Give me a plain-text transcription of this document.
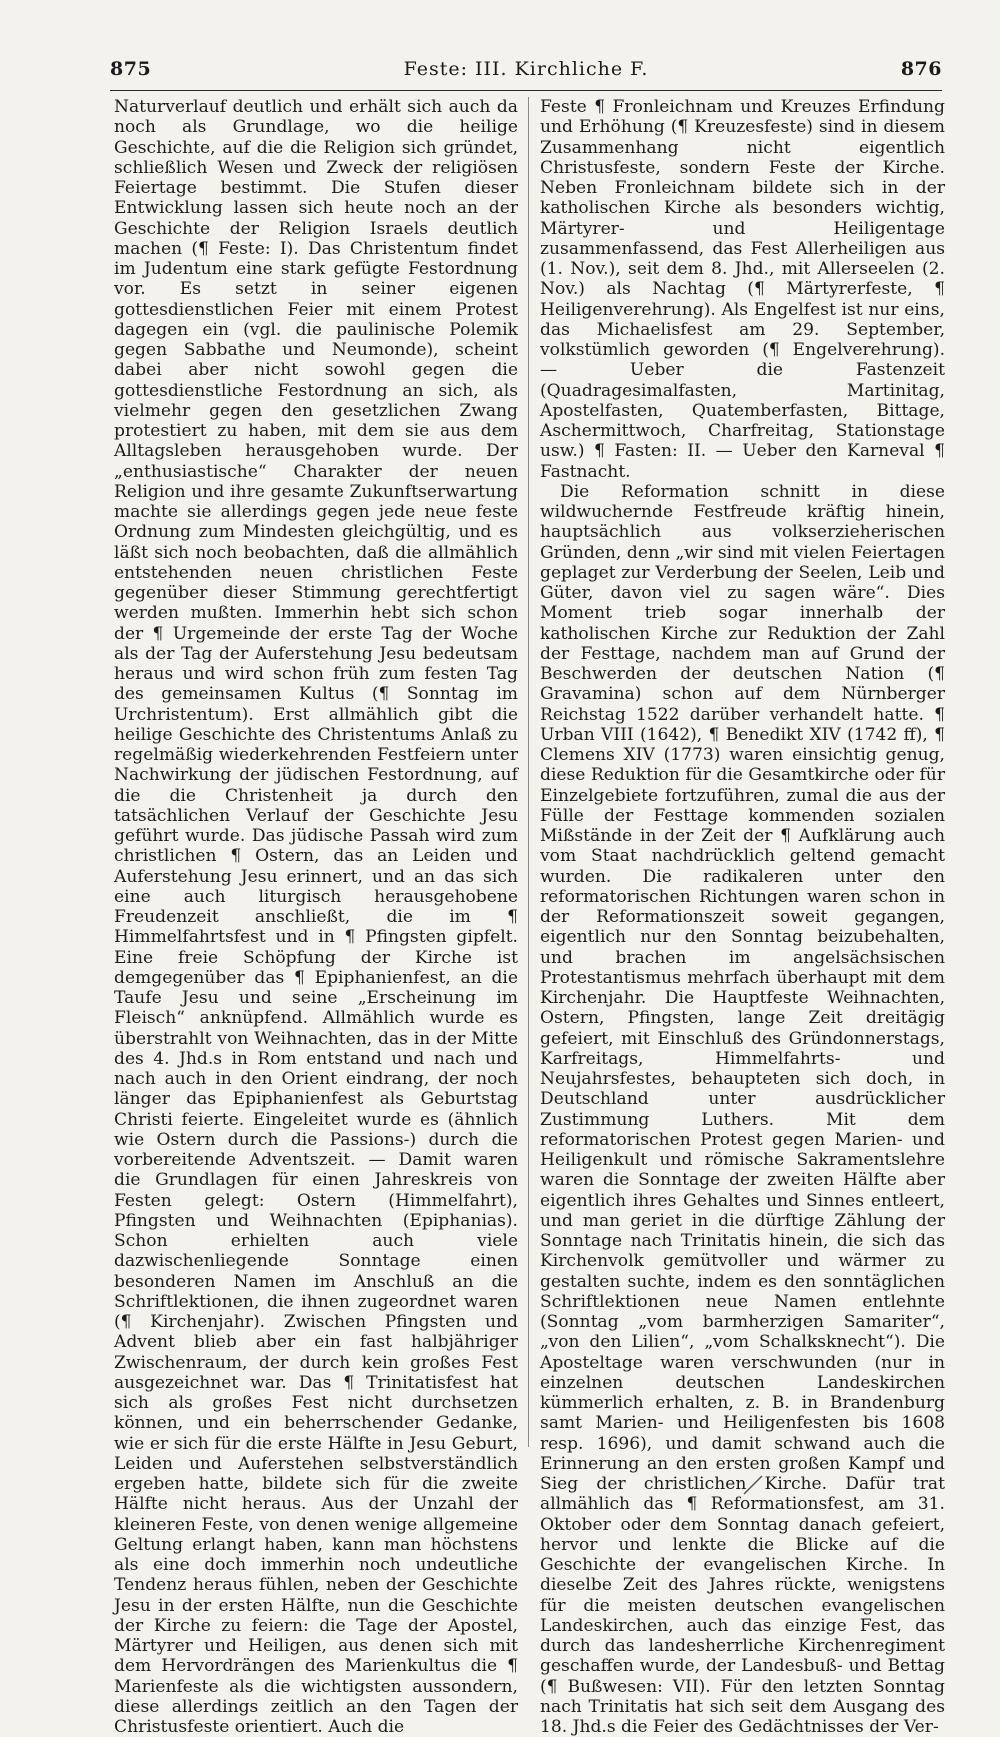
875	Feste: III. Kirchliche F.	876

Naturverlauf deutlich und erhält sich auch da noch als Grundlage, wo die heilige Geschichte, auf die die Religion sich gründet, schließlich Wesen und Zweck der religiösen Feiertage bestimmt. Die Stufen dieser Entwicklung lassen sich heute noch an der Geschichte der Religion Israels deutlich machen (¶ Feste: I). Das Christentum findet im Judentum eine stark gefügte Festordnung vor. Es setzt in seiner eigenen gottesdienstlichen Feier mit einem Protest dagegen ein (vgl. die paulinische Polemik gegen Sabbathe und Neumonde), scheint dabei aber nicht sowohl gegen die gottesdienstliche Festordnung an sich, als vielmehr gegen den gesetzlichen Zwang protestiert zu haben, mit dem sie aus dem Alltagsleben herausgehoben wurde. Der „enthusiastische“ Charakter der neuen Religion und ihre gesamte Zukunftserwartung machte sie allerdings gegen jede neue feste Ordnung zum Mindesten gleichgültig, und es läßt sich noch beobachten, daß die allmählich entstehenden neuen christlichen Feste gegenüber dieser Stimmung gerechtfertigt werden mußten. Immerhin hebt sich schon der ¶ Urgemeinde der erste Tag der Woche als der Tag der Auferstehung Jesu bedeutsam heraus und wird schon früh zum festen Tag des gemeinsamen Kultus (¶ Sonntag im Urchristentum). Erst allmählich gibt die heilige Geschichte des Christentums Anlaß zu regelmäßig wiederkehrenden Festfeiern unter Nachwirkung der jüdischen Festordnung, auf die die Christenheit ja durch den tatsächlichen Verlauf der Geschichte Jesu geführt wurde. Das jüdische Passah wird zum christlichen ¶ Ostern, das an Leiden und Auferstehung Jesu erinnert, und an das sich eine auch liturgisch herausgehobene Freudenzeit anschließt, die im ¶ Himmelfahrtsfest und in ¶ Pfingsten gipfelt. Eine freie Schöpfung der Kirche ist demgegenüber das ¶ Epiphanienfest, an die Taufe Jesu und seine „Erscheinung im Fleisch“ anknüpfend. Allmählich wurde es überstrahlt von Weihnachten, das in der Mitte des 4. Jhd.s in Rom entstand und nach und nach auch in den Orient eindrang, der noch länger das Epiphanienfest als Geburtstag Christi feierte. Eingeleitet wurde es (ähnlich wie Ostern durch die Passions-) durch die vorbereitende Adventszeit. — Damit waren die Grundlagen für einen Jahreskreis von Festen gelegt: Ostern (Himmelfahrt), Pfingsten und Weihnachten (Epiphanias). Schon erhielten auch viele dazwischenliegende Sonntage einen besonderen Namen im Anschluß an die Schriftlektionen, die ihnen zugeordnet waren (¶ Kirchenjahr). Zwischen Pfingsten und Advent blieb aber ein fast halbjähriger Zwischenraum, der durch kein großes Fest ausgezeichnet war. Das ¶ Trinitatisfest hat sich als großes Fest nicht durchsetzen können, und ein beherrschender Gedanke, wie er sich für die erste Hälfte in Jesu Geburt, Leiden und Auferstehen selbstverständlich ergeben hatte, bildete sich für die zweite Hälfte nicht heraus. Aus der Unzahl der kleineren Feste, von denen wenige allgemeine Geltung erlangt haben, kann man höchstens als eine doch immerhin noch undeutliche Tendenz heraus fühlen, neben der Geschichte Jesu in der ersten Hälfte, nun die Geschichte der Kirche zu feiern: die Tage der Apostel, Märtyrer und Heiligen, aus denen sich mit dem Hervordrängen des Marienkultus die ¶ Marienfeste als die wichtigsten aussondern, diese allerdings zeitlich an den Tagen der Christusfeste orientiert. Auch die

Feste ¶ Fronleichnam und Kreuzes Erfindung und Erhöhung (¶ Kreuzesfeste) sind in diesem Zusammenhang nicht eigentlich Christusfeste, sondern Feste der Kirche. Neben Fronleichnam bildete sich in der katholischen Kirche als besonders wichtig, Märtyrer- und Heiligentage zusammenfassend, das Fest Allerheiligen aus (1. Nov.), seit dem 8. Jhd., mit Allerseelen (2. Nov.) als Nachtag (¶ Märtyrerfeste, ¶ Heiligenverehrung). Als Engelfest ist nur eins, das Michaelisfest am 29. September, volkstümlich geworden (¶ Engelverehrung). — Ueber die Fastenzeit (Quadragesimalfasten, Martinitag, Apostelfasten, Quatemberfasten, Bittage, Aschermittwoch, Charfreitag, Stationstage usw.) ¶ Fasten: II. — Ueber den Karneval ¶ Fastnacht.

Die Reformation schnitt in diese wildwuchernde Festfreude kräftig hinein, hauptsächlich aus volkserzieherischen Gründen, denn „wir sind mit vielen Feiertagen geplaget zur Verderbung der Seelen, Leib und Güter, davon viel zu sagen wäre“. Dies Moment trieb sogar innerhalb der katholischen Kirche zur Reduktion der Zahl der Festtage, nachdem man auf Grund der Beschwerden der deutschen Nation (¶ Gravamina) schon auf dem Nürnberger Reichstag 1522 darüber verhandelt hatte. ¶ Urban VIII (1642), ¶ Benedikt XIV (1742 ff), ¶ Clemens XIV (1773) waren einsichtig genug, diese Reduktion für die Gesamtkirche oder für Einzelgebiete fortzuführen, zumal die aus der Fülle der Festtage kommenden sozialen Mißstände in der Zeit der ¶ Aufklärung auch vom Staat nachdrücklich geltend gemacht wurden. Die radikaleren unter den reformatorischen Richtungen waren schon in der Reformationszeit soweit gegangen, eigentlich nur den Sonntag beizubehalten, und brachen im angelsächsischen Protestantismus mehrfach überhaupt mit dem Kirchenjahr. Die Hauptfeste Weihnachten, Ostern, Pfingsten, lange Zeit dreitägig gefeiert, mit Einschluß des Gründonnerstags, Karfreitags, Himmelfahrts- und Neujahrsfestes, behaupteten sich doch, in Deutschland unter ausdrücklicher Zustimmung Luthers. Mit dem reformatorischen Protest gegen Marien- und Heiligenkult und römische Sakramentslehre waren die Sonntage der zweiten Hälfte aber eigentlich ihres Gehaltes und Sinnes entleert, und man geriet in die dürftige Zählung der Sonntage nach Trinitatis hinein, die sich das Kirchenvolk gemütvoller und wärmer zu gestalten suchte, indem es den sonntäglichen Schriftlektionen neue Namen entlehnte (Sonntag „vom barmherzigen Samariter“, „von den Lilien“, „vom Schalksknecht“). Die Aposteltage waren verschwunden (nur in einzelnen deutschen Landeskirchen kümmerlich erhalten, z. B. in Brandenburg samt Marien- und Heiligenfesten bis 1608 resp. 1696), und damit schwand auch die Erinnerung an den ersten großen Kampf und Sieg der christlichen Kirche. Dafür trat allmählich das ¶ Reformationsfest, am 31. Oktober oder dem Sonntag danach gefeiert, hervor und lenkte die Blicke auf die Geschichte der evangelischen Kirche. In dieselbe Zeit des Jahres rückte, wenigstens für die meisten deutschen evangelischen Landeskirchen, auch das einzige Fest, das durch das landesherrliche Kirchenregiment geschaffen wurde, der Landesbuß- und Bettag (¶ Bußwesen: VII). Für den letzten Sonntag nach Trinitatis hat sich seit dem Ausgang des 18. Jhd.s die Feier des Gedächtnisses der Ver-
